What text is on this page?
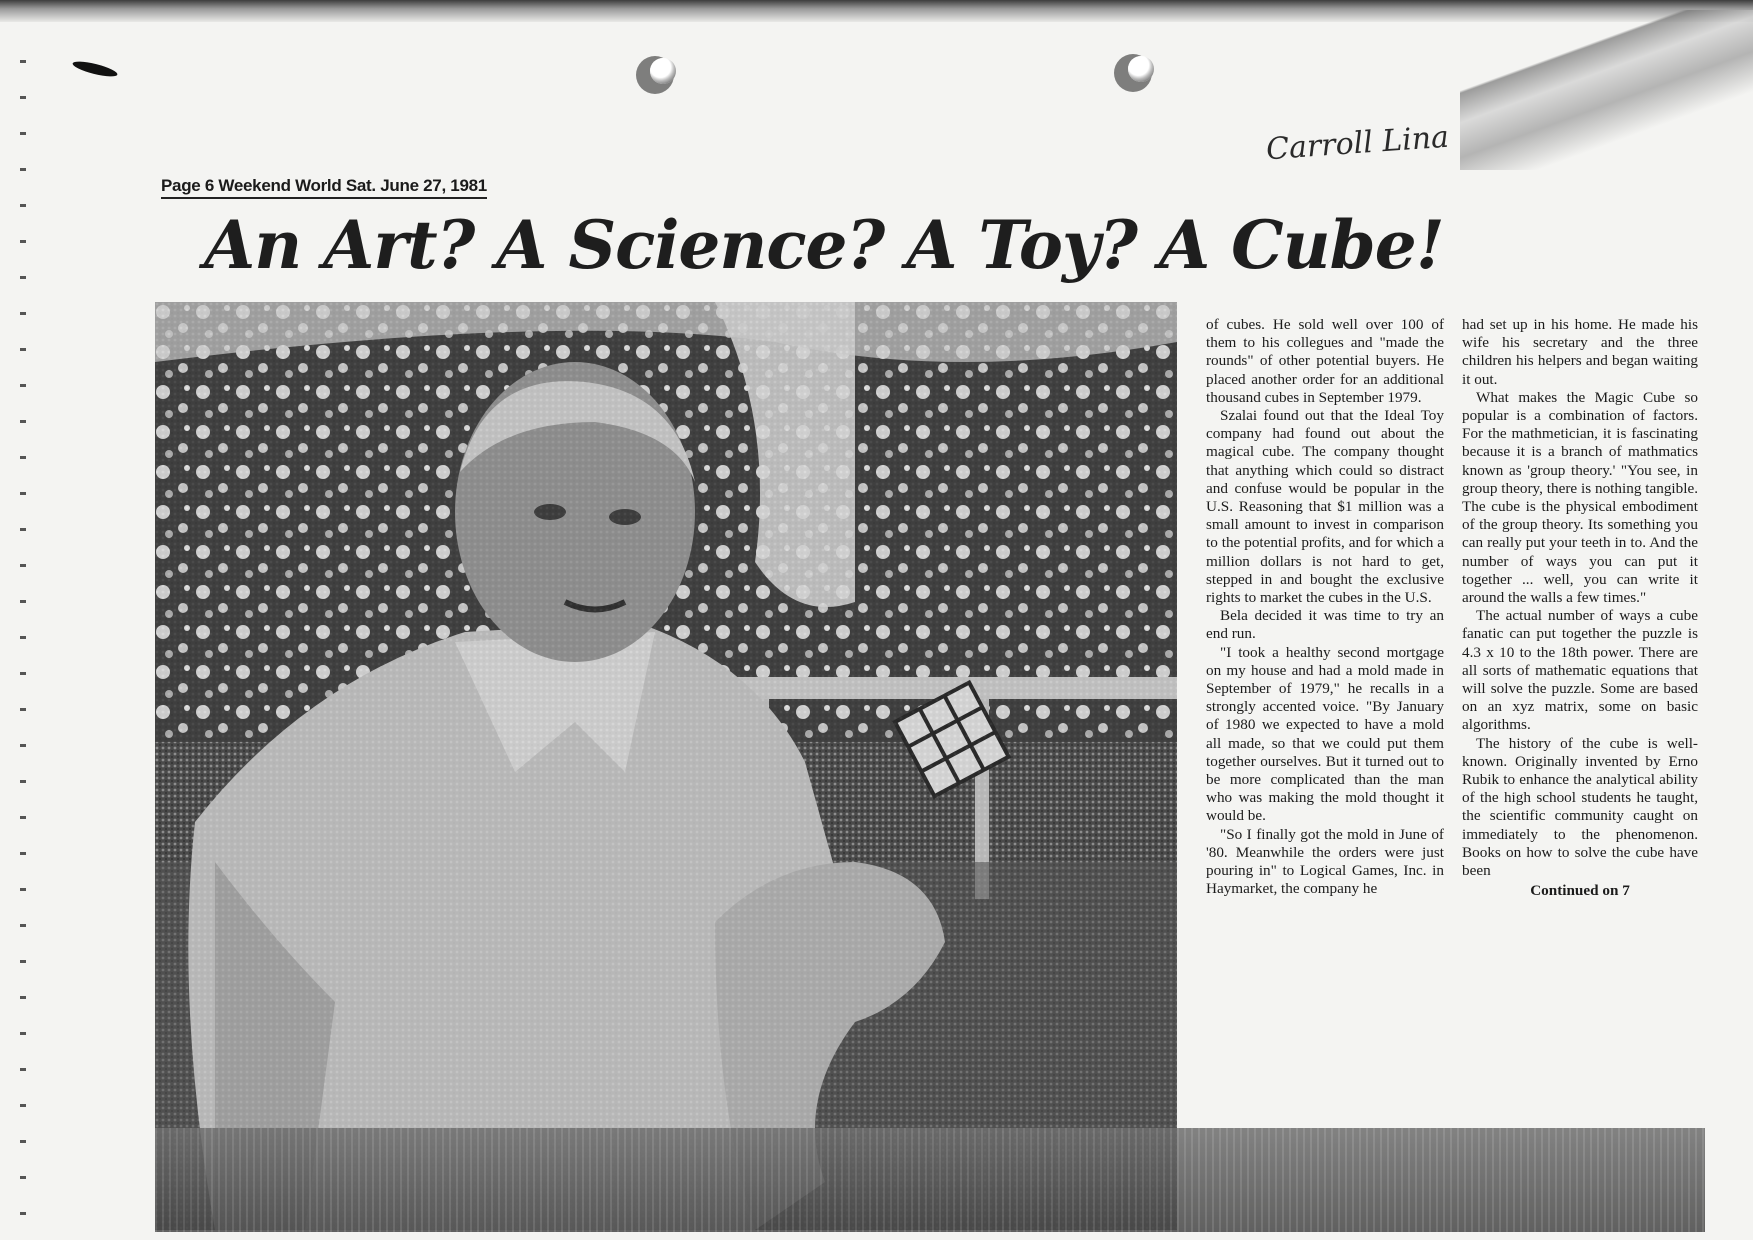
Page 6 Weekend World Sat. June 27, 1981
Carroll Lina
An Art? A Science? A Toy? A Cube!

of cubes. He sold well over 100 of them to his collegues and "made the rounds" of other potential buyers. He placed another order for an additional thousand cubes in September 1979.

Szalai found out that the Ideal Toy company had found out about the magical cube. The company thought that anything which could so distract and confuse would be popular in the U.S. Reasoning that $1 million was a small amount to invest in comparison to the potential profits, and for which a million dollars is not hard to get, stepped in and bought the exclusive rights to market the cubes in the U.S.

Bela decided it was time to try an end run.

"I took a healthy second mortgage on my house and had a mold made in September of 1979," he recalls in a strongly accented voice. "By January of 1980 we expected to have a mold all made, so that we could put them together ourselves. But it turned out to be more complicated than the man who was making the mold thought it would be.

"So I finally got the mold in June of '80. Meanwhile the orders were just pouring in" to Logical Games, Inc. in Haymarket, the company he

had set up in his home. He made his wife his secretary and the three children his helpers and began waiting it out.

What makes the Magic Cube so popular is a combination of factors. For the mathmetician, it is fascinating because it is a branch of mathmatics known as 'group theory.' "You see, in group theory, there is nothing tangible. The cube is the physical embodiment of the group theory. Its something you can really put your teeth in to. And the number of ways you can put it together ... well, you can write it around the walls a few times."

The actual number of ways a cube fanatic can put together the puzzle is 4.3 x 10 to the 18th power. There are all sorts of mathematic equations that will solve the puzzle. Some are based on an xyz matrix, some on basic algorithms.

The history of the cube is well-known. Originally invented by Erno Rubik to enhance the analytical ability of the high school students he taught, the scientific community caught on immediately to the phenomenon. Books on how to solve the cube have been

Continued on 7
